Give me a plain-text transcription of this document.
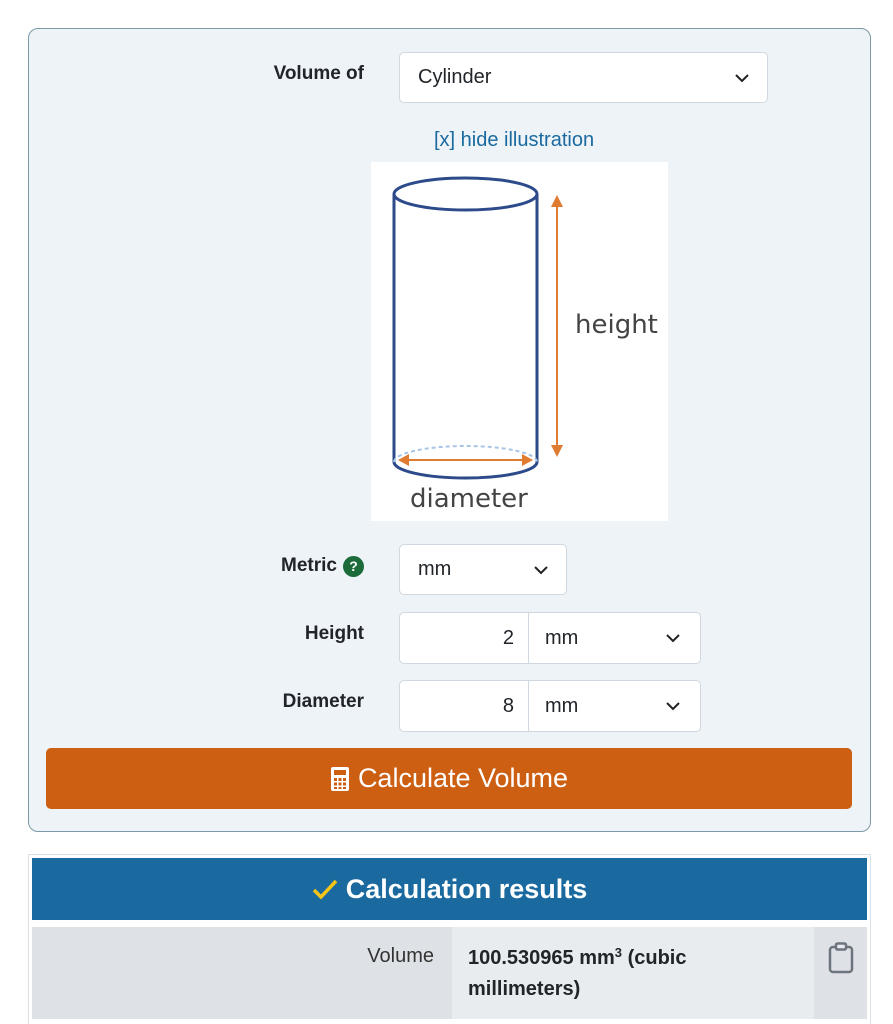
Volume of	Cylinder
[x] hide illustration
height
diameter
Metric ?	mm
Height	2	mm
Diameter	8	mm
Calculate Volume
Calculation results
Volume	100.530965 $mm^3$ (cubic millimeters)
